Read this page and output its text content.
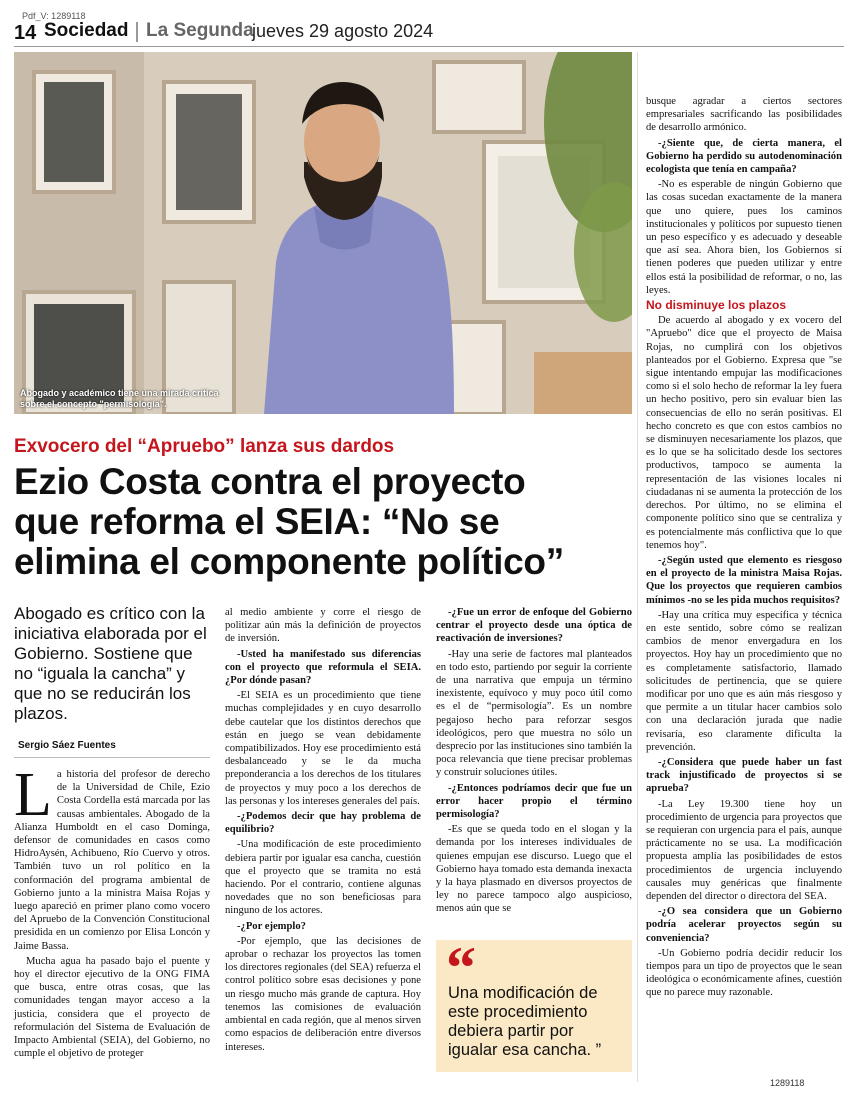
Pdf_V: 1289118
14 Sociedad La Segunda
jueves 29 agosto 2024
Abogado y académico tiene una mirada crítica sobre el concepto "permisología".
Exvocero del “Apruebo” lanza sus dardos
Ezio Costa contra el proyecto
que reforma el SEIA: “No se
elimina el componente político”
Abogado es crítico con la iniciativa elaborada por el Gobierno. Sostiene que no “iguala la cancha” y que no se reducirán los plazos.
Sergio Sáez Fuentes

La historia del profesor de derecho de la Universidad de Chile, Ezio Costa Cordella está marcada por las causas ambientales. Abogado de la Alianza Humboldt en el caso Dominga, defensor de comunidades en casos como HidroAysén, Achibueno, Río Cuervo y otros. También tuvo un rol político en la conformación del programa ambiental de Gobierno junto a la ministra Maisa Rojas y luego apareció en primer plano como vocero del Apruebo de la Convención Constitucional presidida en un comienzo por Elisa Loncón y Jaime Bassa.

Mucha agua ha pasado bajo el puente y hoy el director ejecutivo de la ONG FIMA que busca, entre otras cosas, que las comunidades tengan mayor acceso a la justicia, considera que el proyecto de reformulación del Sistema de Evaluación de Impacto Ambiental (SEIA), del Gobierno, no cumple el objetivo de proteger

al medio ambiente y corre el riesgo de politizar aún más la definición de proyectos de inversión.

-Usted ha manifestado sus diferencias con el proyecto que reformula el SEIA. ¿Por dónde pasan?

-El SEIA es un procedimiento que tiene muchas complejidades y en cuyo desarrollo debe cautelar que los distintos derechos que están en juego se vean debidamente compatibilizados. Hoy ese procedimiento está desbalanceado y se le da mucha preponderancia a los derechos de los titulares de proyectos y muy poco a los derechos de las personas y los intereses generales del país.

-¿Podemos decir que hay problema de equilibrio?

-Una modificación de este procedimiento debiera partir por igualar esa cancha, cuestión que el proyecto que se tramita no está haciendo. Por el contrario, contiene algunas novedades que no son beneficiosas para ninguno de los actores.

-¿Por ejemplo?

-Por ejemplo, que las decisiones de aprobar o rechazar los proyectos las tomen los directores regionales (del SEA) refuerza el control político sobre esas decisiones y pone un riesgo mucho más grande de captura. Hoy tenemos las comisiones de evaluación ambiental en cada región, que al menos sirven como espacios de deliberación entre diversos intereses.

-¿Fue un error de enfoque del Gobierno centrar el proyecto desde una óptica de reactivación de inversiones?

-Hay una serie de factores mal planteados en todo esto, partiendo por seguir la corriente de una narrativa que empuja un término inexistente, equívoco y muy poco útil como es el de “permisología”. Es un nombre pegajoso hecho para reforzar sesgos ideológicos, pero que muestra no sólo un desprecio por las instituciones sino también la poca relevancia que tiene precisar problemas y construir soluciones útiles.

-¿Entonces podríamos decir que fue un error hacer propio el término permisología?

-Es que se queda todo en el slogan y la demanda por los intereses individuales de quienes empujan ese discurso. Luego que el Gobierno haya tomado esta demanda inexacta y la haya plasmado en diversos proyectos de ley no parece tampoco algo auspicioso, menos aún que se

“
Una modificación de este procedimiento debiera partir por igualar esa cancha. ”

busque agradar a ciertos sectores empresariales sacrificando las posibilidades de desarrollo armónico.

-¿Siente que, de cierta manera, el Gobierno ha perdido su autodenominación ecologista que tenía en campaña?

-No es esperable de ningún Gobierno que las cosas sucedan exactamente de la manera que uno quiere, pues los caminos institucionales y políticos por supuesto tienen un peso específico y es adecuado y deseable que así sea. Ahora bien, los Gobiernos sí tienen poderes que pueden utilizar y entre ellos está la posibilidad de reformar, o no, las leyes.

No disminuye los plazos

De acuerdo al abogado y ex vocero del "Apruebo" dice que el proyecto de Maisa Rojas, no cumplirá con los objetivos planteados por el Gobierno. Expresa que "se sigue intentando empujar las modificaciones como si el solo hecho de reformar la ley fuera un hecho positivo, pero sin evaluar bien las consecuencias de ello no serán positivas. El hecho concreto es que con estos cambios no se disminuyen necesariamente los plazos, que es lo que se ha solicitado desde los sectores productivos, tampoco se aumenta la representación de las visiones locales ni ciudadanas ni se aumenta la protección de los derechos. Por último, no se elimina el componente político sino que se centraliza y es potencialmente más conflictiva que lo que tenemos hoy".

-¿Según usted que elemento es riesgoso en el proyecto de la ministra Maisa Rojas. Que los proyectos que requieren cambios mínimos -no se les pida muchos requisitos?

-Hay una crítica muy específica y técnica en este sentido, sobre cómo se realizan cambios de menor envergadura en los proyectos. Hoy hay un procedimiento que no es completamente satisfactorio, llamado solicitudes de pertinencia, que se quiere modificar por uno que es aún más riesgoso y que permite a un titular hacer cambios solo con una declaración jurada que nadie revisaría, eso claramente dificulta la prevención.

-¿Considera que puede haber un fast track injustificado de proyectos si se aprueba?

-La Ley 19.300 tiene hoy un procedimiento de urgencia para proyectos que se requieran con urgencia para el país, aunque prácticamente no se usa. La modificación propuesta amplía las posibilidades de estos procedimientos de urgencia incluyendo causales muy genéricas que finalmente dependen del director o directora del SEA.

-¿O sea considera que un Gobierno podría acelerar proyectos según su conveniencia?

-Un Gobierno podría decidir reducir los tiempos para un tipo de proyectos que le sean ideológica o económicamente afines, cuestión que no parece muy razonable.

1289118
